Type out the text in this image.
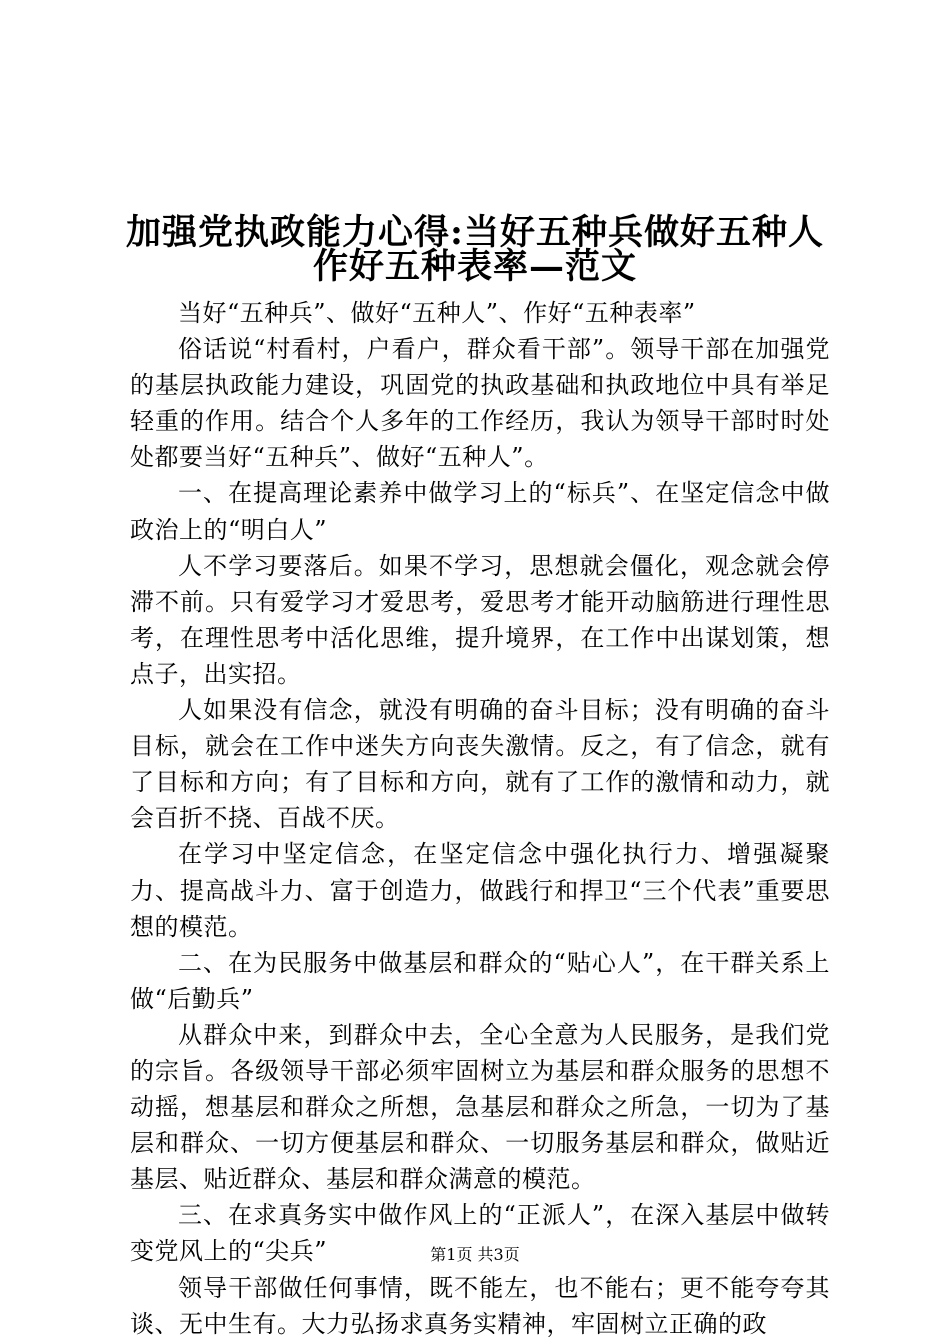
加强党执政能力心得:当好五种兵做好五种人
作好五种表率—范文

当好“五种兵”、做好“五种人”、作好“五种表率”

俗话说“村看村，户看户，群众看干部”。领导干部在加强党的基层执政能力建设，巩固党的执政基础和执政地位中具有举足轻重的作用。结合个人多年的工作经历，我认为领导干部时时处处都要当好“五种兵”、做好“五种人”。

一、在提高理论素养中做学习上的“标兵”、在坚定信念中做政治上的“明白人”

人不学习要落后。如果不学习，思想就会僵化，观念就会停滞不前。只有爱学习才爱思考，爱思考才能开动脑筋进行理性思考，在理性思考中活化思维，提升境界，在工作中出谋划策，想点子，出实招。

人如果没有信念，就没有明确的奋斗目标；没有明确的奋斗目标，就会在工作中迷失方向丧失激情。反之，有了信念，就有了目标和方向；有了目标和方向，就有了工作的激情和动力，就会百折不挠、百战不厌。

在学习中坚定信念，在坚定信念中强化执行力、增强凝聚力、提高战斗力、富于创造力，做践行和捍卫“三个代表”重要思想的模范。

二、在为民服务中做基层和群众的“贴心人”，在干群关系上做“后勤兵”

从群众中来，到群众中去，全心全意为人民服务，是我们党的宗旨。各级领导干部必须牢固树立为基层和群众服务的思想不动摇，想基层和群众之所想，急基层和群众之所急，一切为了基层和群众、一切方便基层和群众、一切服务基层和群众，做贴近基层、贴近群众、基层和群众满意的模范。

三、在求真务实中做作风上的“正派人”，在深入基层中做转变党风上的“尖兵”

领导干部做任何事情，既不能左，也不能右；更不能夸夸其谈、无中生有。大力弘扬求真务实精神，牢固树立正确的政

第1页 共3页
